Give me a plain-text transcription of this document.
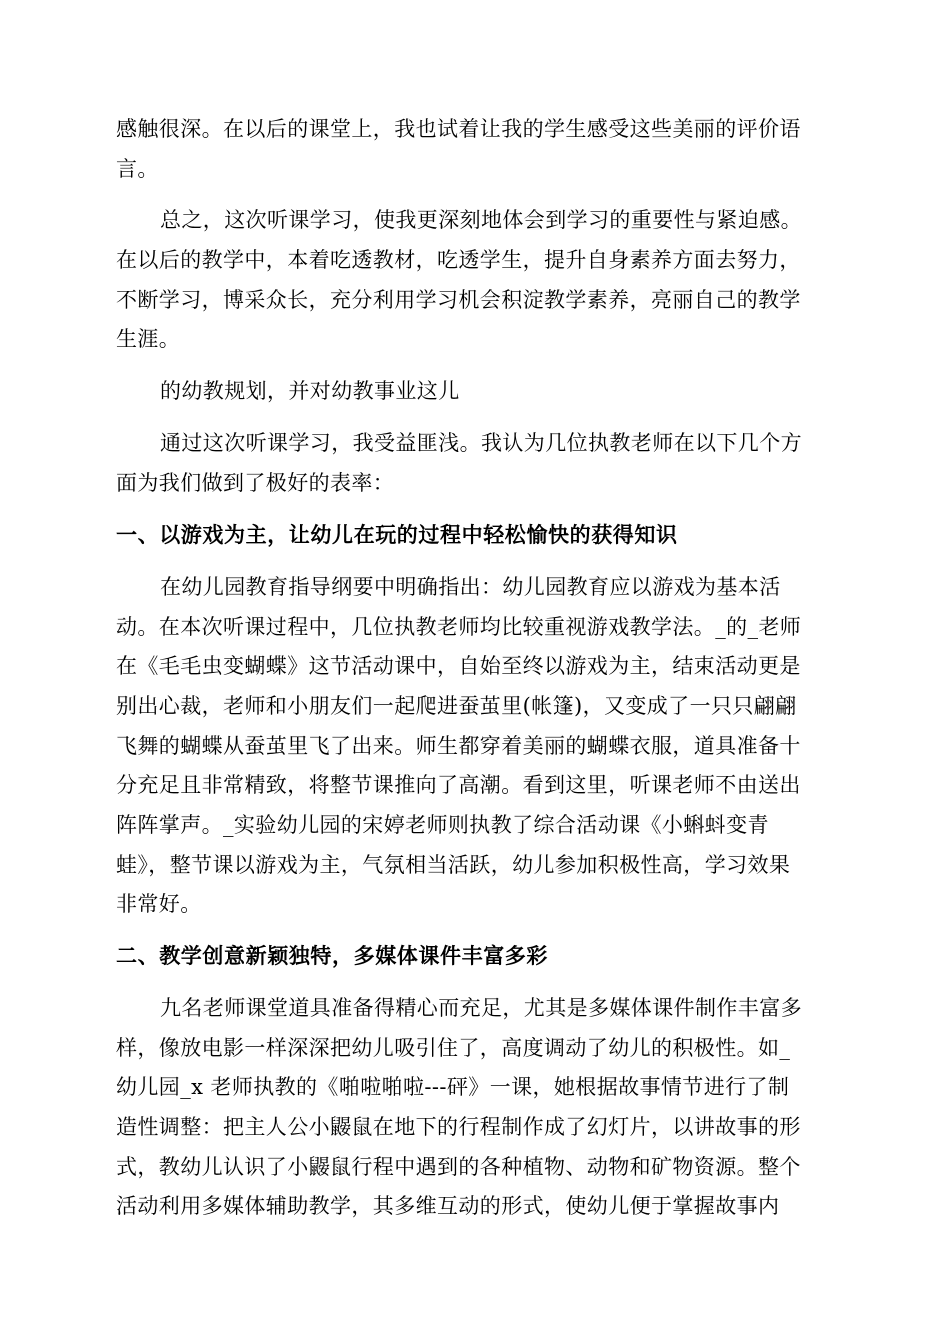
感触很深。在以后的课堂上，我也试着让我的学生感受这些美丽的评价语

言。

总之，这次听课学习，使我更深刻地体会到学习的重要性与紧迫感。

在以后的教学中，本着吃透教材，吃透学生，提升自身素养方面去努力，

不断学习，博采众长，充分利用学习机会积淀教学素养，亮丽自己的教学

生涯。

的幼教规划，并对幼教事业这儿

通过这次听课学习，我受益匪浅。我认为几位执教老师在以下几个方

面为我们做到了极好的表率：

一、以游戏为主，让幼儿在玩的过程中轻松愉快的获得知识

在幼儿园教育指导纲要中明确指出：幼儿园教育应以游戏为基本活

动。在本次听课过程中，几位执教老师均比较重视游戏教学法。_的_老师

在《毛毛虫变蝴蝶》这节活动课中，自始至终以游戏为主，结束活动更是

别出心裁，老师和小朋友们一起爬进蚕茧里(帐篷)，又变成了一只只翩翩

飞舞的蝴蝶从蚕茧里飞了出来。师生都穿着美丽的蝴蝶衣服，道具准备十

分充足且非常精致，将整节课推向了高潮。看到这里，听课老师不由送出

阵阵掌声。_实验幼儿园的宋婷老师则执教了综合活动课《小蝌蚪变青

蛙》，整节课以游戏为主，气氛相当活跃，幼儿参加积极性高，学习效果

非常好。

二、教学创意新颖独特，多媒体课件丰富多彩

九名老师课堂道具准备得精心而充足，尤其是多媒体课件制作丰富多

样，像放电影一样深深把幼儿吸引住了，高度调动了幼儿的积极性。如_

幼儿园_x 老师执教的《啪啦啪啦---砰》一课，她根据故事情节进行了制

造性调整：把主人公小鼹鼠在地下的行程制作成了幻灯片，以讲故事的形

式，教幼儿认识了小鼹鼠行程中遇到的各种植物、动物和矿物资源。整个

活动利用多媒体辅助教学，其多维互动的形式，使幼儿便于掌握故事内
